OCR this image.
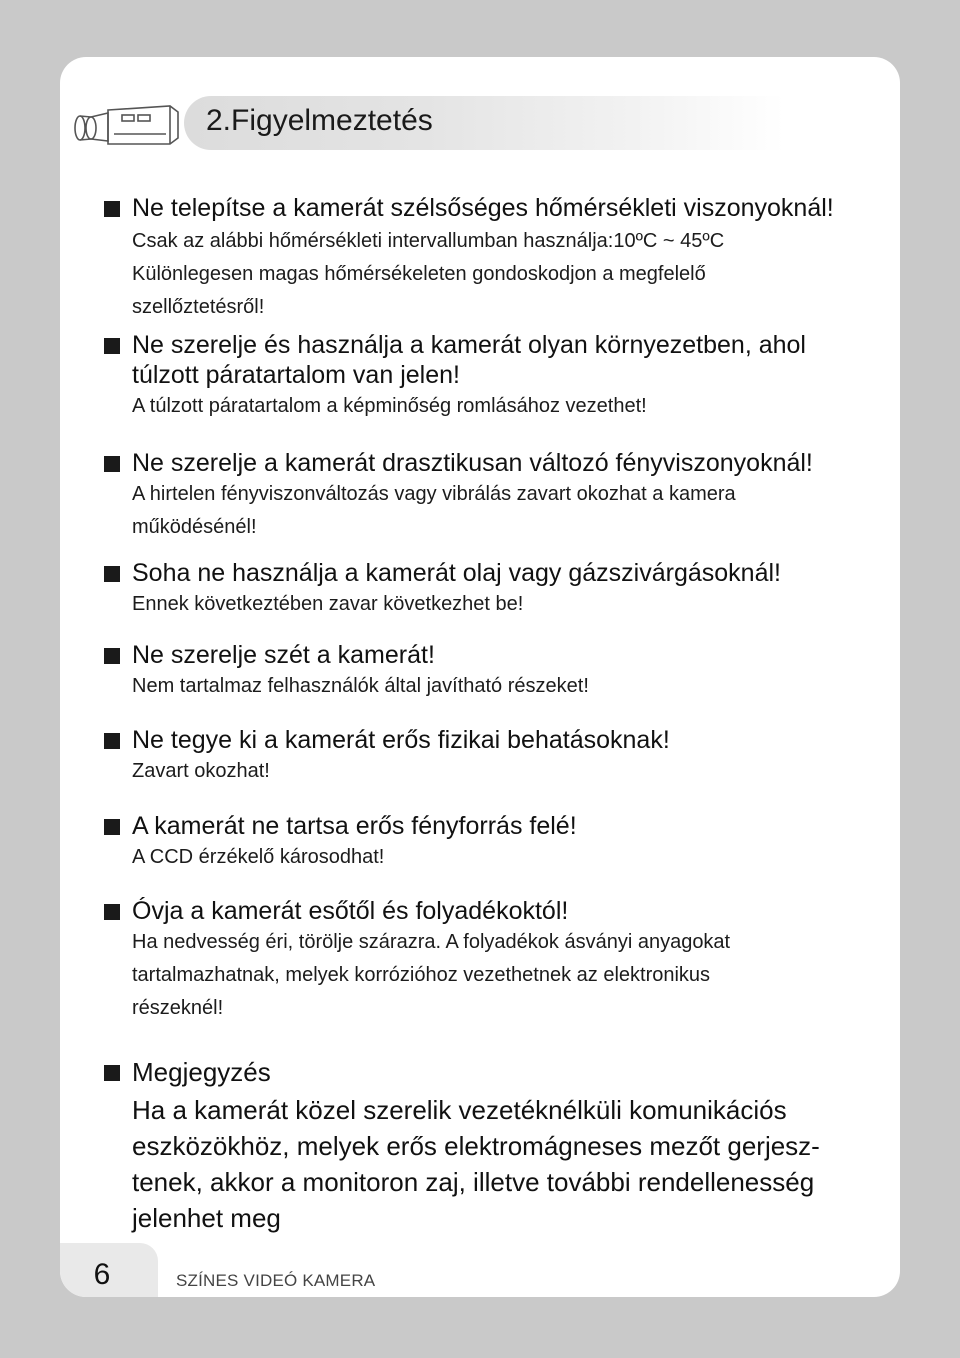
2.Figyelmeztetés
Ne telepítse a kamerát szélsőséges hőmérsékleti viszonyoknál!
Csak az alábbi hőmérsékleti intervallumban használja:10ºC ~ 45ºC
Különlegesen magas hőmérsékeleten gondoskodjon a megfelelő
szellőztetésről!
Ne szerelje és használja a kamerát olyan környezetben, ahol
túlzott páratartalom van jelen!
A túlzott páratartalom a képminőség romlásához vezethet!
Ne szerelje a kamerát drasztikusan változó fényviszonyoknál!
A hirtelen fényviszonváltozás vagy vibrálás zavart okozhat a kamera
működésénél!
Soha ne használja a kamerát olaj vagy gázszivárgásoknál!
Ennek következtében zavar következhet be!
Ne szerelje szét a kamerát!
Nem tartalmaz felhasználók által javítható részeket!
Ne tegye ki a kamerát erős fizikai behatásoknak!
Zavart okozhat!
A kamerát ne tartsa erős fényforrás felé!
A CCD érzékelő károsodhat!
Óvja a kamerát esőtől és folyadékoktól!
Ha nedvesség éri, törölje szárazra. A folyadékok ásványi anyagokat
tartalmazhatnak, melyek korrózióhoz vezethetnek az elektronikus
részeknél!
Megjegyzés
Ha a kamerát közel szerelik vezetéknélküli komunikációs
eszközökhöz, melyek erős elektromágneses mezőt gerjesz-
tenek, akkor a monitoron zaj, illetve további rendellenesség
jelenhet meg
6	SZÍNES VIDEÓ KAMERA
